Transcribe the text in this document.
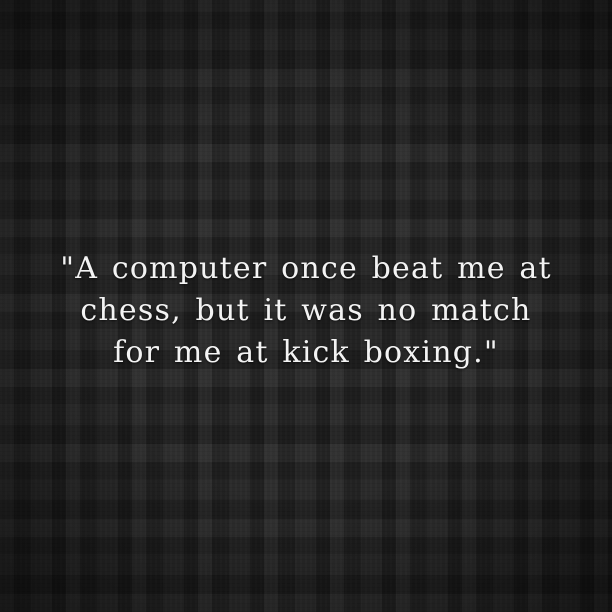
"A computer once beat me at
chess, but it was no match
for me at kick boxing."
